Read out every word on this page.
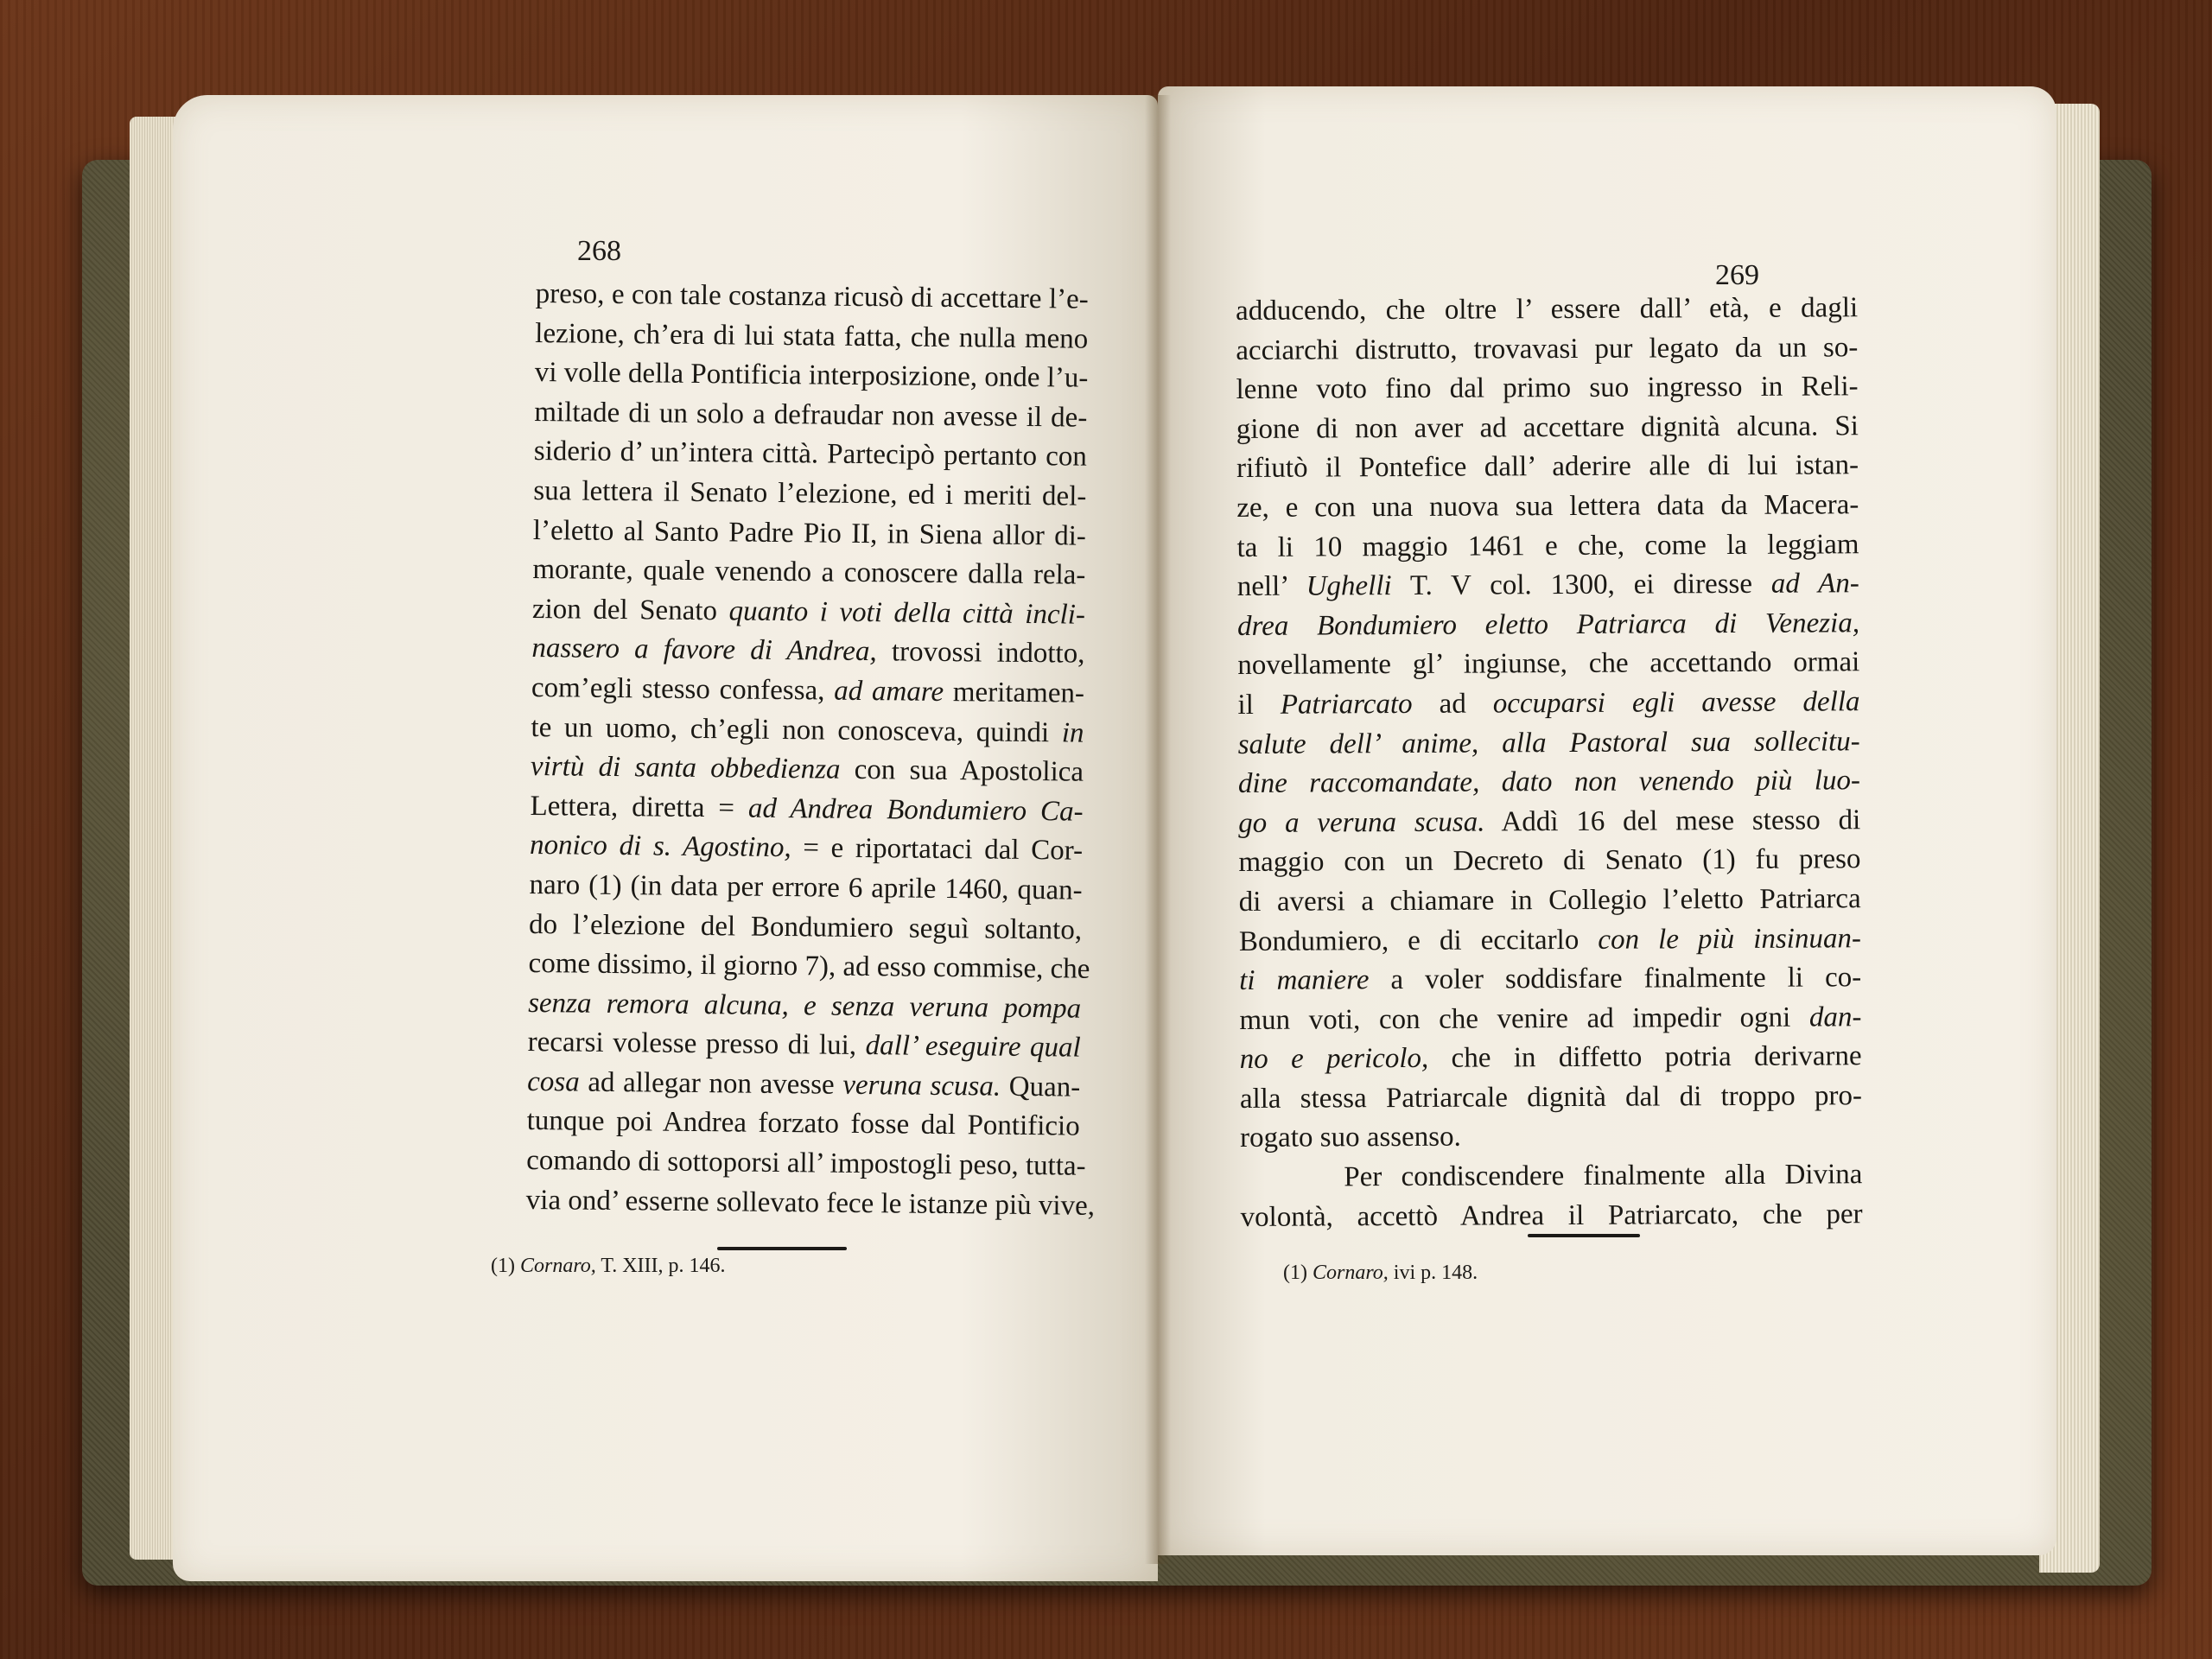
268
269
preso, e con tale costanza ricusò di accettare l’e-
lezione, ch’era di lui stata fatta, che nulla meno
vi volle della Pontificia interposizione, onde l’u-
miltade di un solo a defraudar non avesse il de-
siderio d’ un’intera città. Partecipò pertanto con
sua lettera il Senato l’elezione, ed i meriti del-
l’eletto al Santo Padre Pio II, in Siena allor di-
morante, quale venendo a conoscere dalla rela-
zion del Senato quanto i voti della città incli-
nassero a favore di Andrea, trovossi indotto,
com’egli stesso confessa, ad amare meritamen-
te un uomo, ch’egli non conosceva, quindi in
virtù di santa obbedienza con sua Apostolica
Lettera, diretta = ad Andrea Bondumiero Ca-
nonico di s. Agostino, = e riportataci dal Cor-
naro (1) (in data per errore 6 aprile 1460, quan-
do l’elezione del Bondumiero seguì soltanto,
come dissimo, il giorno 7), ad esso commise, che
senza remora alcuna, e senza veruna pompa
recarsi volesse presso di lui, dall’ eseguire qual
cosa ad allegar non avesse veruna scusa. Quan-
tunque poi Andrea forzato fosse dal Pontificio
comando di sottoporsi all’ impostogli peso, tutta-
via ond’ esserne sollevato fece le istanze più vive,
adducendo, che oltre l’ essere dall’ età, e dagli
acciarchi distrutto, trovavasi pur legato da un so-
lenne voto fino dal primo suo ingresso in Reli-
gione di non aver ad accettare dignità alcuna. Si
rifiutò il Pontefice dall’ aderire alle di lui istan-
ze, e con una nuova sua lettera data da Macera-
ta li 10 maggio 1461 e che, come la leggiam
nell’ Ughelli T. V col. 1300, ei diresse ad An-
drea Bondumiero eletto Patriarca di Venezia,
novellamente gl’ ingiunse, che accettando ormai
il Patriarcato ad occuparsi egli avesse della
salute dell’ anime, alla Pastoral sua sollecitu-
dine raccomandate, dato non venendo più luo-
go a veruna scusa. Addì 16 del mese stesso di
maggio con un Decreto di Senato (1) fu preso
di aversi a chiamare in Collegio l’eletto Patriarca
Bondumiero, e di eccitarlo con le più insinuan-
ti maniere a voler soddisfare finalmente li co-
mun voti, con che venire ad impedir ogni dan-
no e pericolo, che in diffetto potria derivarne
alla stessa Patriarcale dignità dal di troppo pro-
rogato suo assenso.
Per condiscendere finalmente alla Divina
volontà, accettò Andrea il Patriarcato, che per
(1) Cornaro, T. XIII, p. 146.	(1) Cornaro, ivi p. 148.
